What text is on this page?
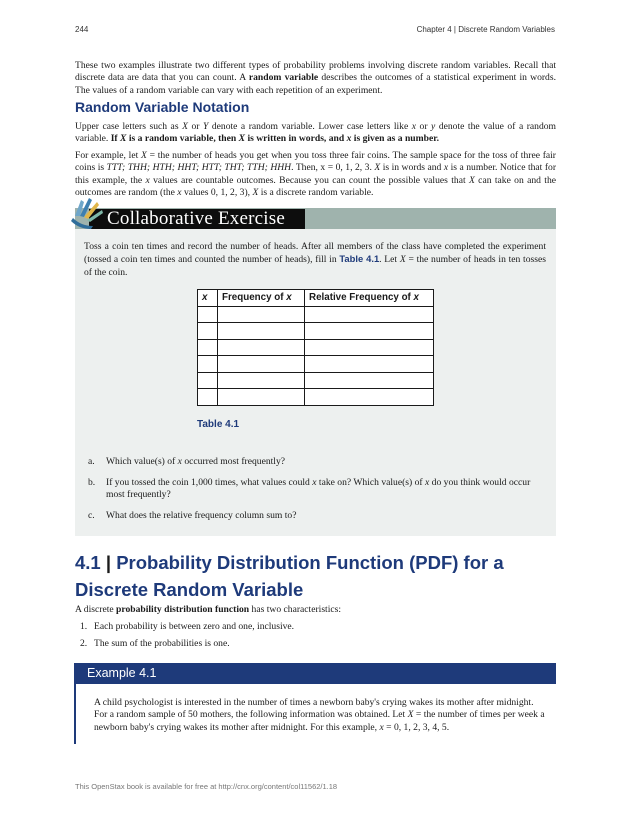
244	Chapter 4 | Discrete Random Variables
These two examples illustrate two different types of probability problems involving discrete random variables. Recall that discrete data are data that you can count. A random variable describes the outcomes of a statistical experiment in words. The values of a random variable can vary with each repetition of an experiment.
Random Variable Notation
Upper case letters such as X or Y denote a random variable. Lower case letters like x or y denote the value of a random variable. If X is a random variable, then X is written in words, and x is given as a number.
For example, let X = the number of heads you get when you toss three fair coins. The sample space for the toss of three fair coins is TTT; THH; HTH; HHT; HTT; THT; TTH; HHH. Then, x = 0, 1, 2, 3. X is in words and x is a number. Notice that for this example, the x values are countable outcomes. Because you can count the possible values that X can take on and the outcomes are random (the x values 0, 1, 2, 3), X is a discrete random variable.
Collaborative Exercise
Toss a coin ten times and record the number of heads. After all members of the class have completed the experiment (tossed a coin ten times and counted the number of heads), fill in Table 4.1. Let X = the number of heads in ten tosses of the coin.
x	Frequency of x	Relative Frequency of x

Table 4.1
a. Which value(s) of x occurred most frequently?
b. If you tossed the coin 1,000 times, what values could x take on? Which value(s) of x do you think would occur most frequently?
c. What does the relative frequency column sum to?
4.1 | Probability Distribution Function (PDF) for a Discrete Random Variable
A discrete probability distribution function has two characteristics:
1. Each probability is between zero and one, inclusive.
2. The sum of the probabilities is one.
Example 4.1
A child psychologist is interested in the number of times a newborn baby's crying wakes its mother after midnight. For a random sample of 50 mothers, the following information was obtained. Let X = the number of times per week a newborn baby's crying wakes its mother after midnight. For this example, x = 0, 1, 2, 3, 4, 5.
This OpenStax book is available for free at http://cnx.org/content/col11562/1.18
